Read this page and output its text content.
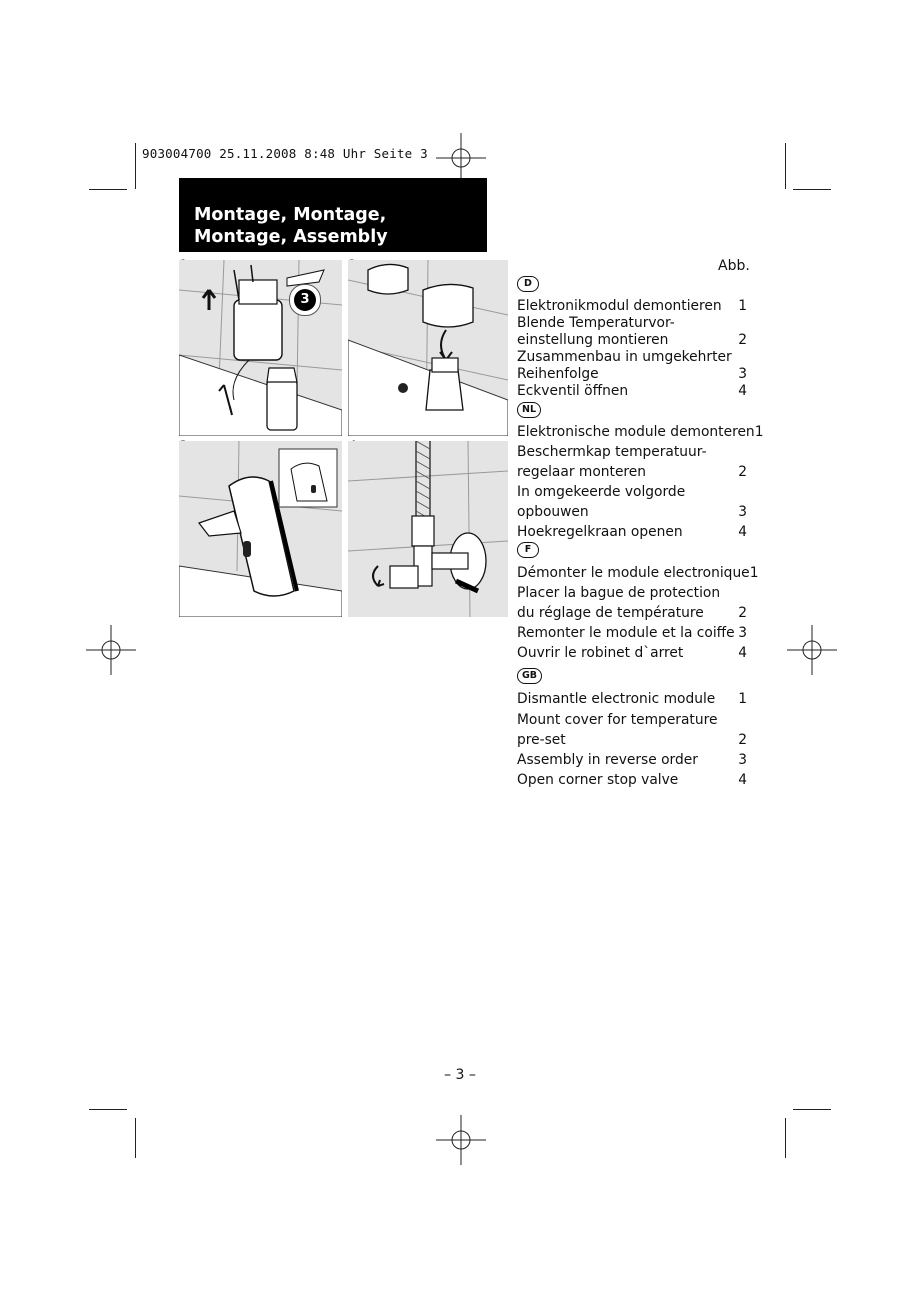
903004700 25.11.2008 8:48 Uhr Seite 3
Montage, Montage,
Montage, Assembly
3
Abb.
D
NL
F
GB
Elektronikmodul demontieren 1
Blende Temperaturvor-
einstellung montieren	2
Zusammenbau in umgekehrter
Reihenfolge	3
Eckventil öffnen	4
Elektronische module demonteren 1
Beschermkap temperatuur-
regelaar monteren	2
In omgekeerde volgorde
opbouwen	3
Hoekregelkraan openen	4
Démonter le module electronique 1
Placer la bague de protection
du réglage de température 2
Remonter le module et la coiffe 3
Ouvrir le robinet d`arret	4
Dismantle electronic module 1
Mount cover for temperature
pre-set	2
Assembly in reverse order	3
Open corner stop valve	4
– 3 –
